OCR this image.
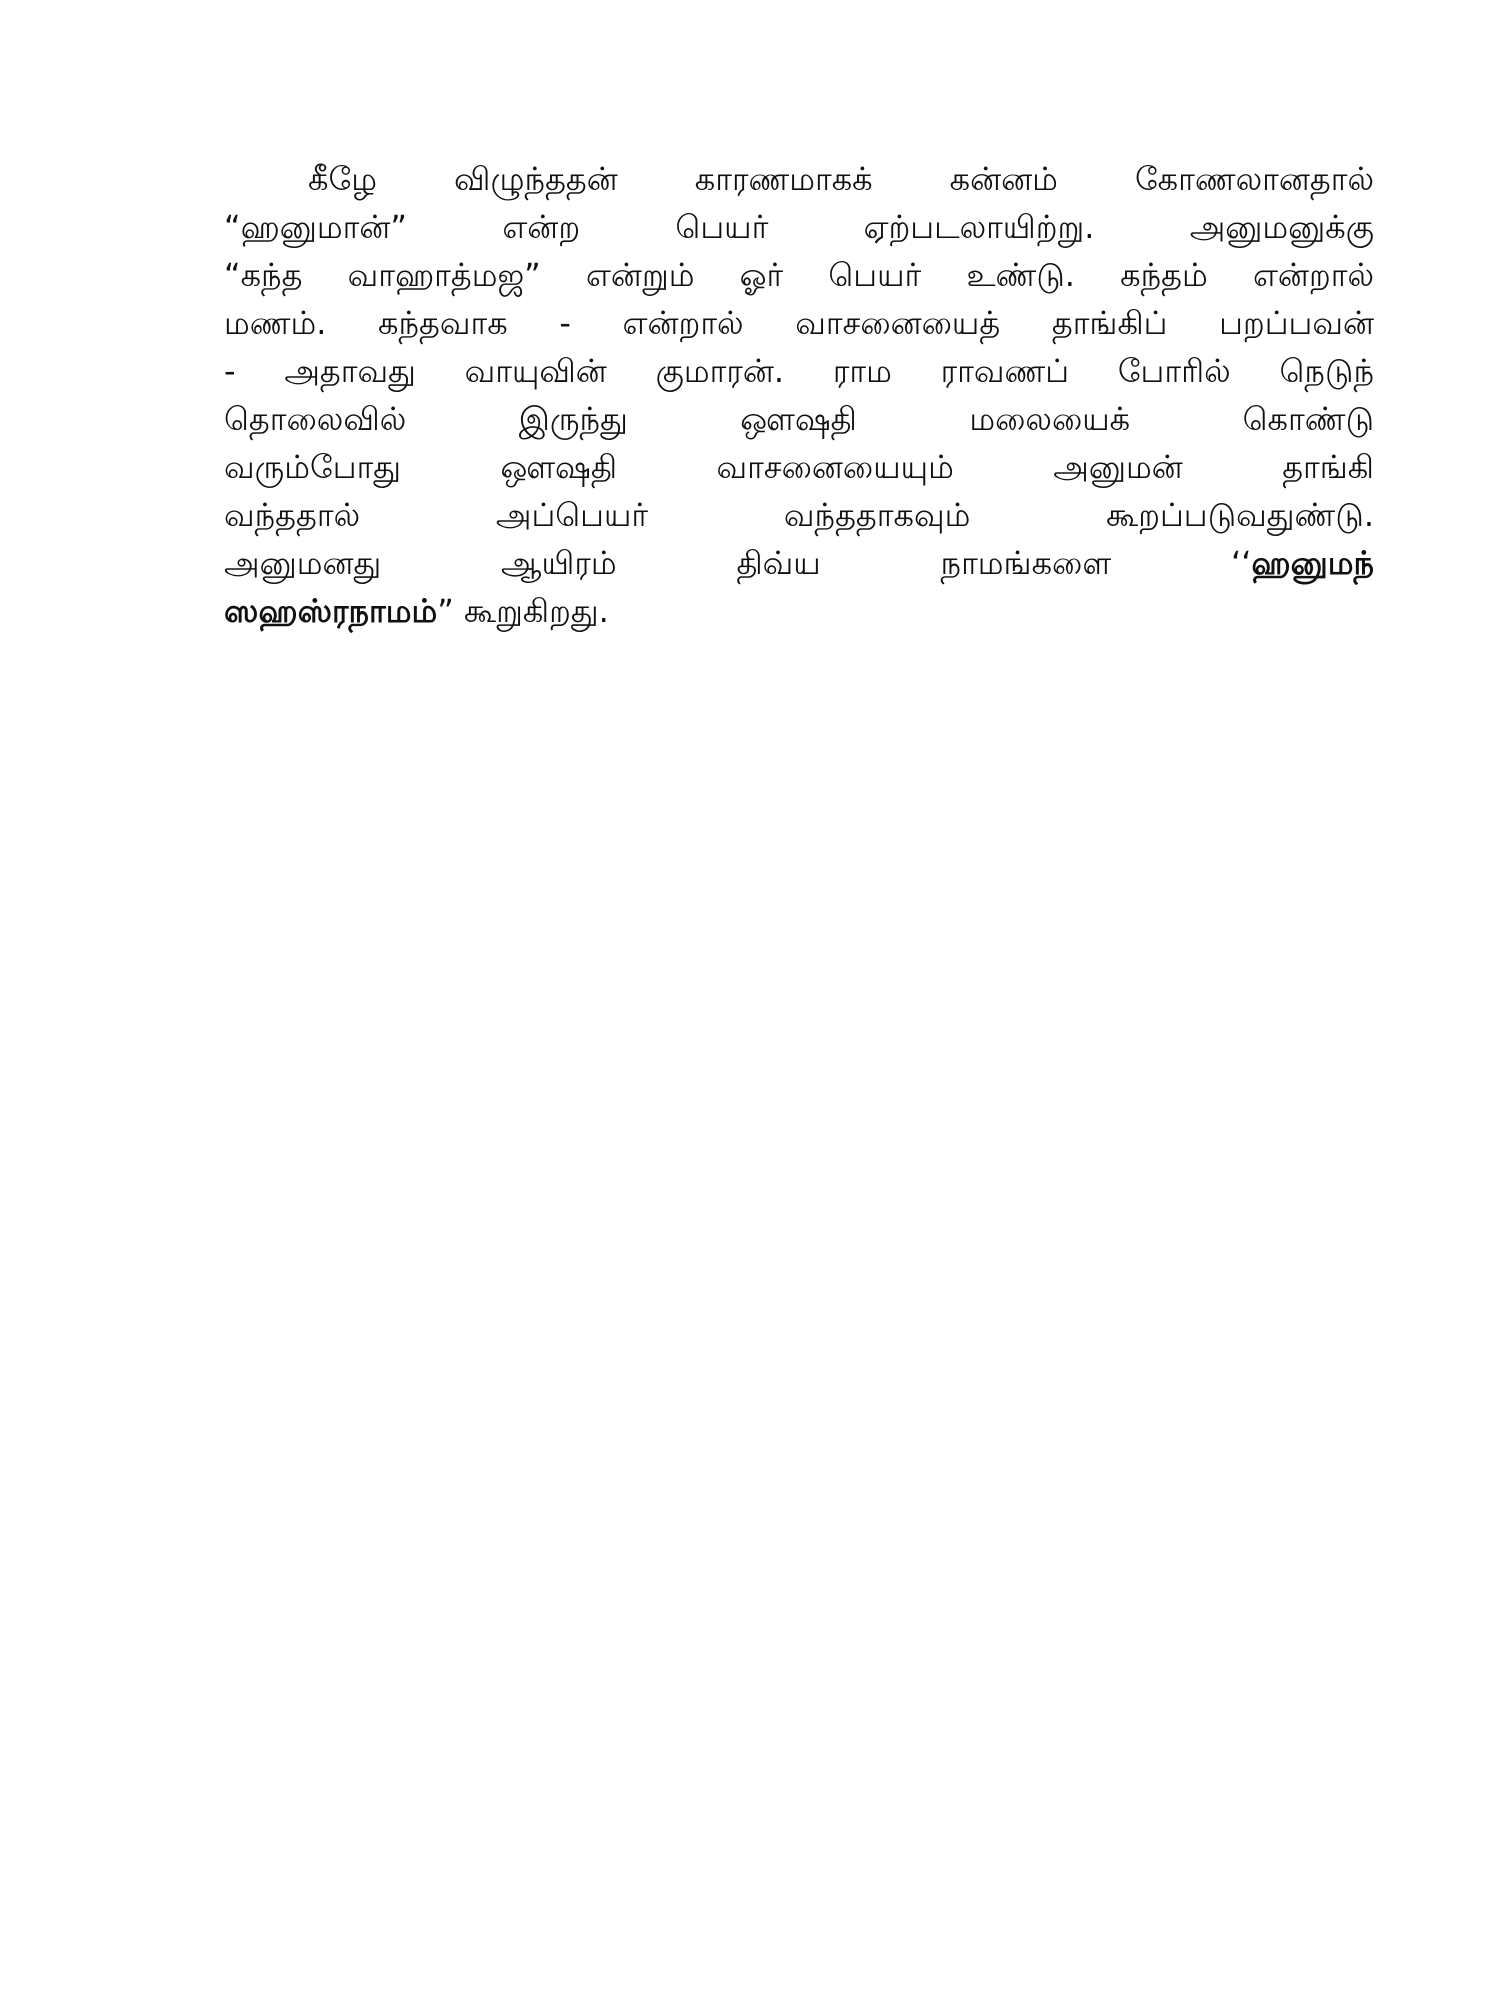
கீழே விழுந்ததன் காரணமாகக் கன்னம் கோணலானதால்
“ஹனுமான்” என்ற பெயர் ஏற்படலாயிற்று. அனுமனுக்கு
“கந்த வாஹாத்மஜ” என்றும் ஓர் பெயர் உண்டு. கந்தம் என்றால்
மணம். கந்தவாக - என்றால் வாசனையைத் தாங்கிப் பறப்பவன்
- அதாவது வாயுவின் குமாரன். ராம ராவணப் போரில் நெடுந்
தொலைவில் இருந்து ஔஷதி மலையைக் கொண்டு
வரும்போது ஔஷதி வாசனையையும் அனுமன் தாங்கி
வந்ததால் அப்பெயர் வந்ததாகவும் கூறப்படுவதுண்டு.
அனுமனது ஆயிரம் திவ்ய நாமங்களை ‘‘ஹனுமந்
ஸஹஸ்ரநாமம்” கூறுகிறது.
